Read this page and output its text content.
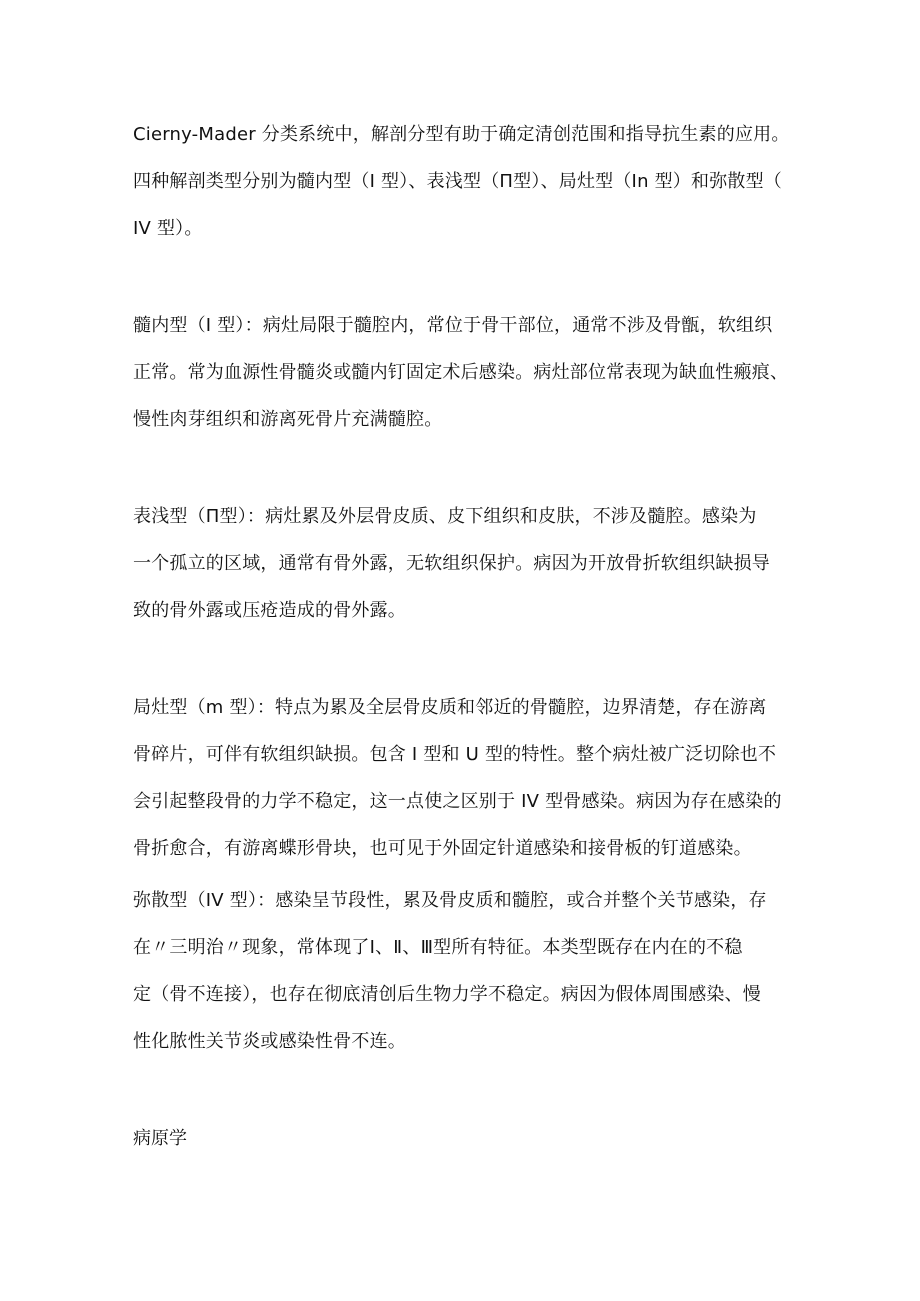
Cierny-Mader 分类系统中，解剖分型有助于确定清创范围和指导抗生素的应用。
四种解剖类型分别为髓内型（I 型）、表浅型（Π型）、局灶型（In 型）和弥散型（
IV 型）。
髓内型（I 型）：病灶局限于髓腔内，常位于骨干部位，通常不涉及骨甑，软组织
正常。常为血源性骨髓炎或髓内钉固定术后感染。病灶部位常表现为缺血性瘢痕、
慢性肉芽组织和游离死骨片充满髓腔。
表浅型（Π型）：病灶累及外层骨皮质、皮下组织和皮肤，不涉及髓腔。感染为
一个孤立的区域，通常有骨外露，无软组织保护。病因为开放骨折软组织缺损导
致的骨外露或压疮造成的骨外露。
局灶型（m 型）：特点为累及全层骨皮质和邻近的骨髓腔，边界清楚，存在游离
骨碎片，可伴有软组织缺损。包含 I 型和 U 型的特性。整个病灶被广泛切除也不
会引起整段骨的力学不稳定，这一点使之区别于 IV 型骨感染。病因为存在感染的
骨折愈合，有游离蝶形骨块，也可见于外固定针道感染和接骨板的钉道感染。
弥散型（IV 型）：感染呈节段性，累及骨皮质和髓腔，或合并整个关节感染，存
在〃三明治〃现象，常体现了Ⅰ、Ⅱ、Ⅲ型所有特征。本类型既存在内在的不稳
定（骨不连接），也存在彻底清创后生物力学不稳定。病因为假体周围感染、慢
性化脓性关节炎或感染性骨不连。
病原学
